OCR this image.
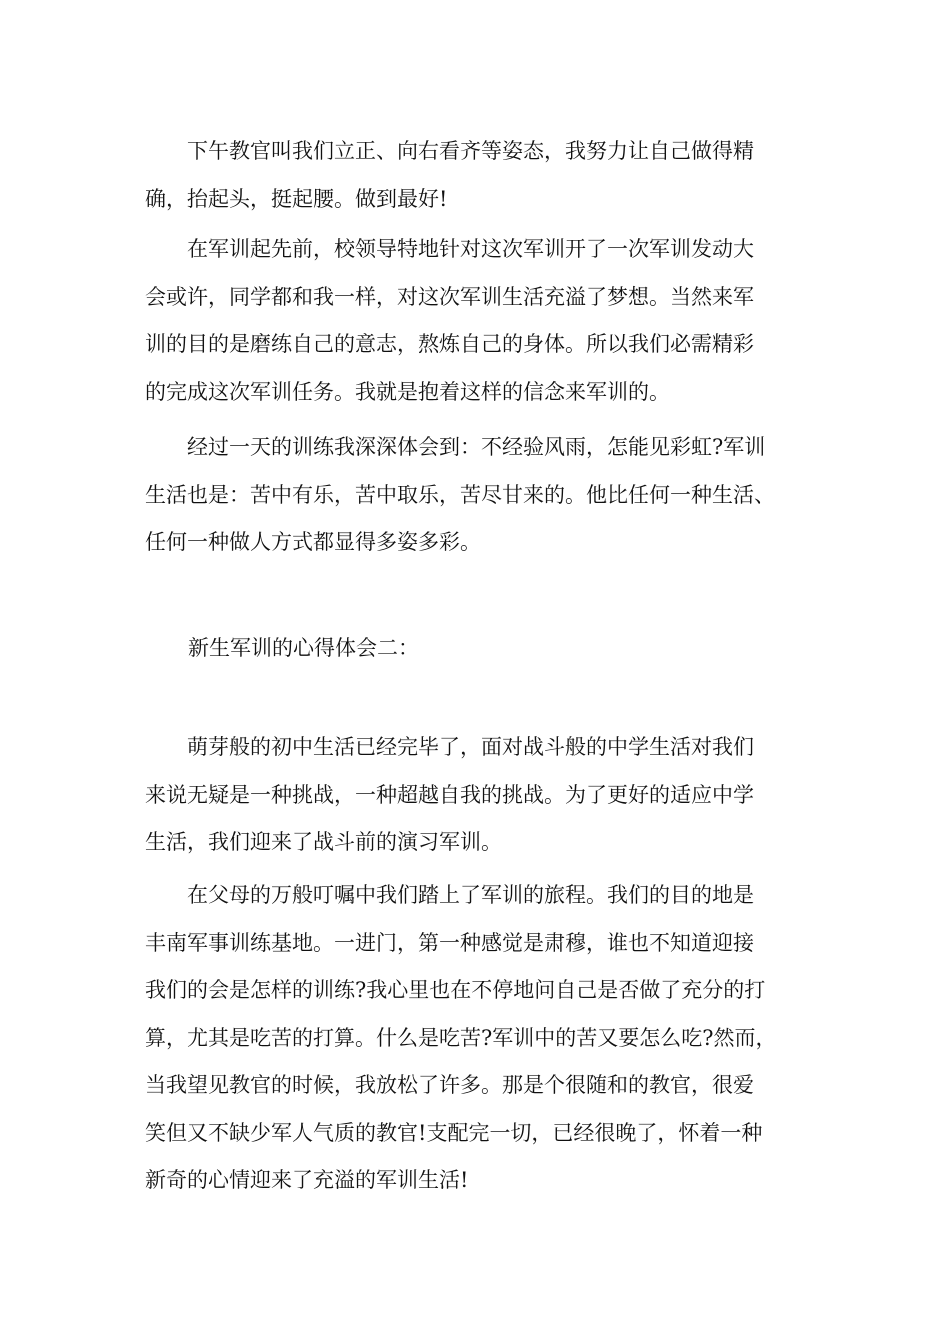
下午教官叫我们立正、向右看齐等姿态，我努力让自己做得精
确，抬起头，挺起腰。做到最好!

在军训起先前，校领导特地针对这次军训开了一次军训发动大
会或许，同学都和我一样，对这次军训生活充溢了梦想。当然来军
训的目的是磨练自己的意志，熬炼自己的身体。所以我们必需精彩
的完成这次军训任务。我就是抱着这样的信念来军训的。

经过一天的训练我深深体会到：不经验风雨，怎能见彩虹?军训
生活也是：苦中有乐，苦中取乐，苦尽甘来的。他比任何一种生活、
任何一种做人方式都显得多姿多彩。

新生军训的心得体会二：

萌芽般的初中生活已经完毕了，面对战斗般的中学生活对我们
来说无疑是一种挑战，一种超越自我的挑战。为了更好的适应中学
生活，我们迎来了战斗前的演习军训。

在父母的万般叮嘱中我们踏上了军训的旅程。我们的目的地是
丰南军事训练基地。一进门，第一种感觉是肃穆，谁也不知道迎接
我们的会是怎样的训练?我心里也在不停地问自己是否做了充分的打
算，尤其是吃苦的打算。什么是吃苦?军训中的苦又要怎么吃?然而，
当我望见教官的时候，我放松了许多。那是个很随和的教官，很爱
笑但又不缺少军人气质的教官!支配完一切，已经很晚了，怀着一种
新奇的心情迎来了充溢的军训生活!
